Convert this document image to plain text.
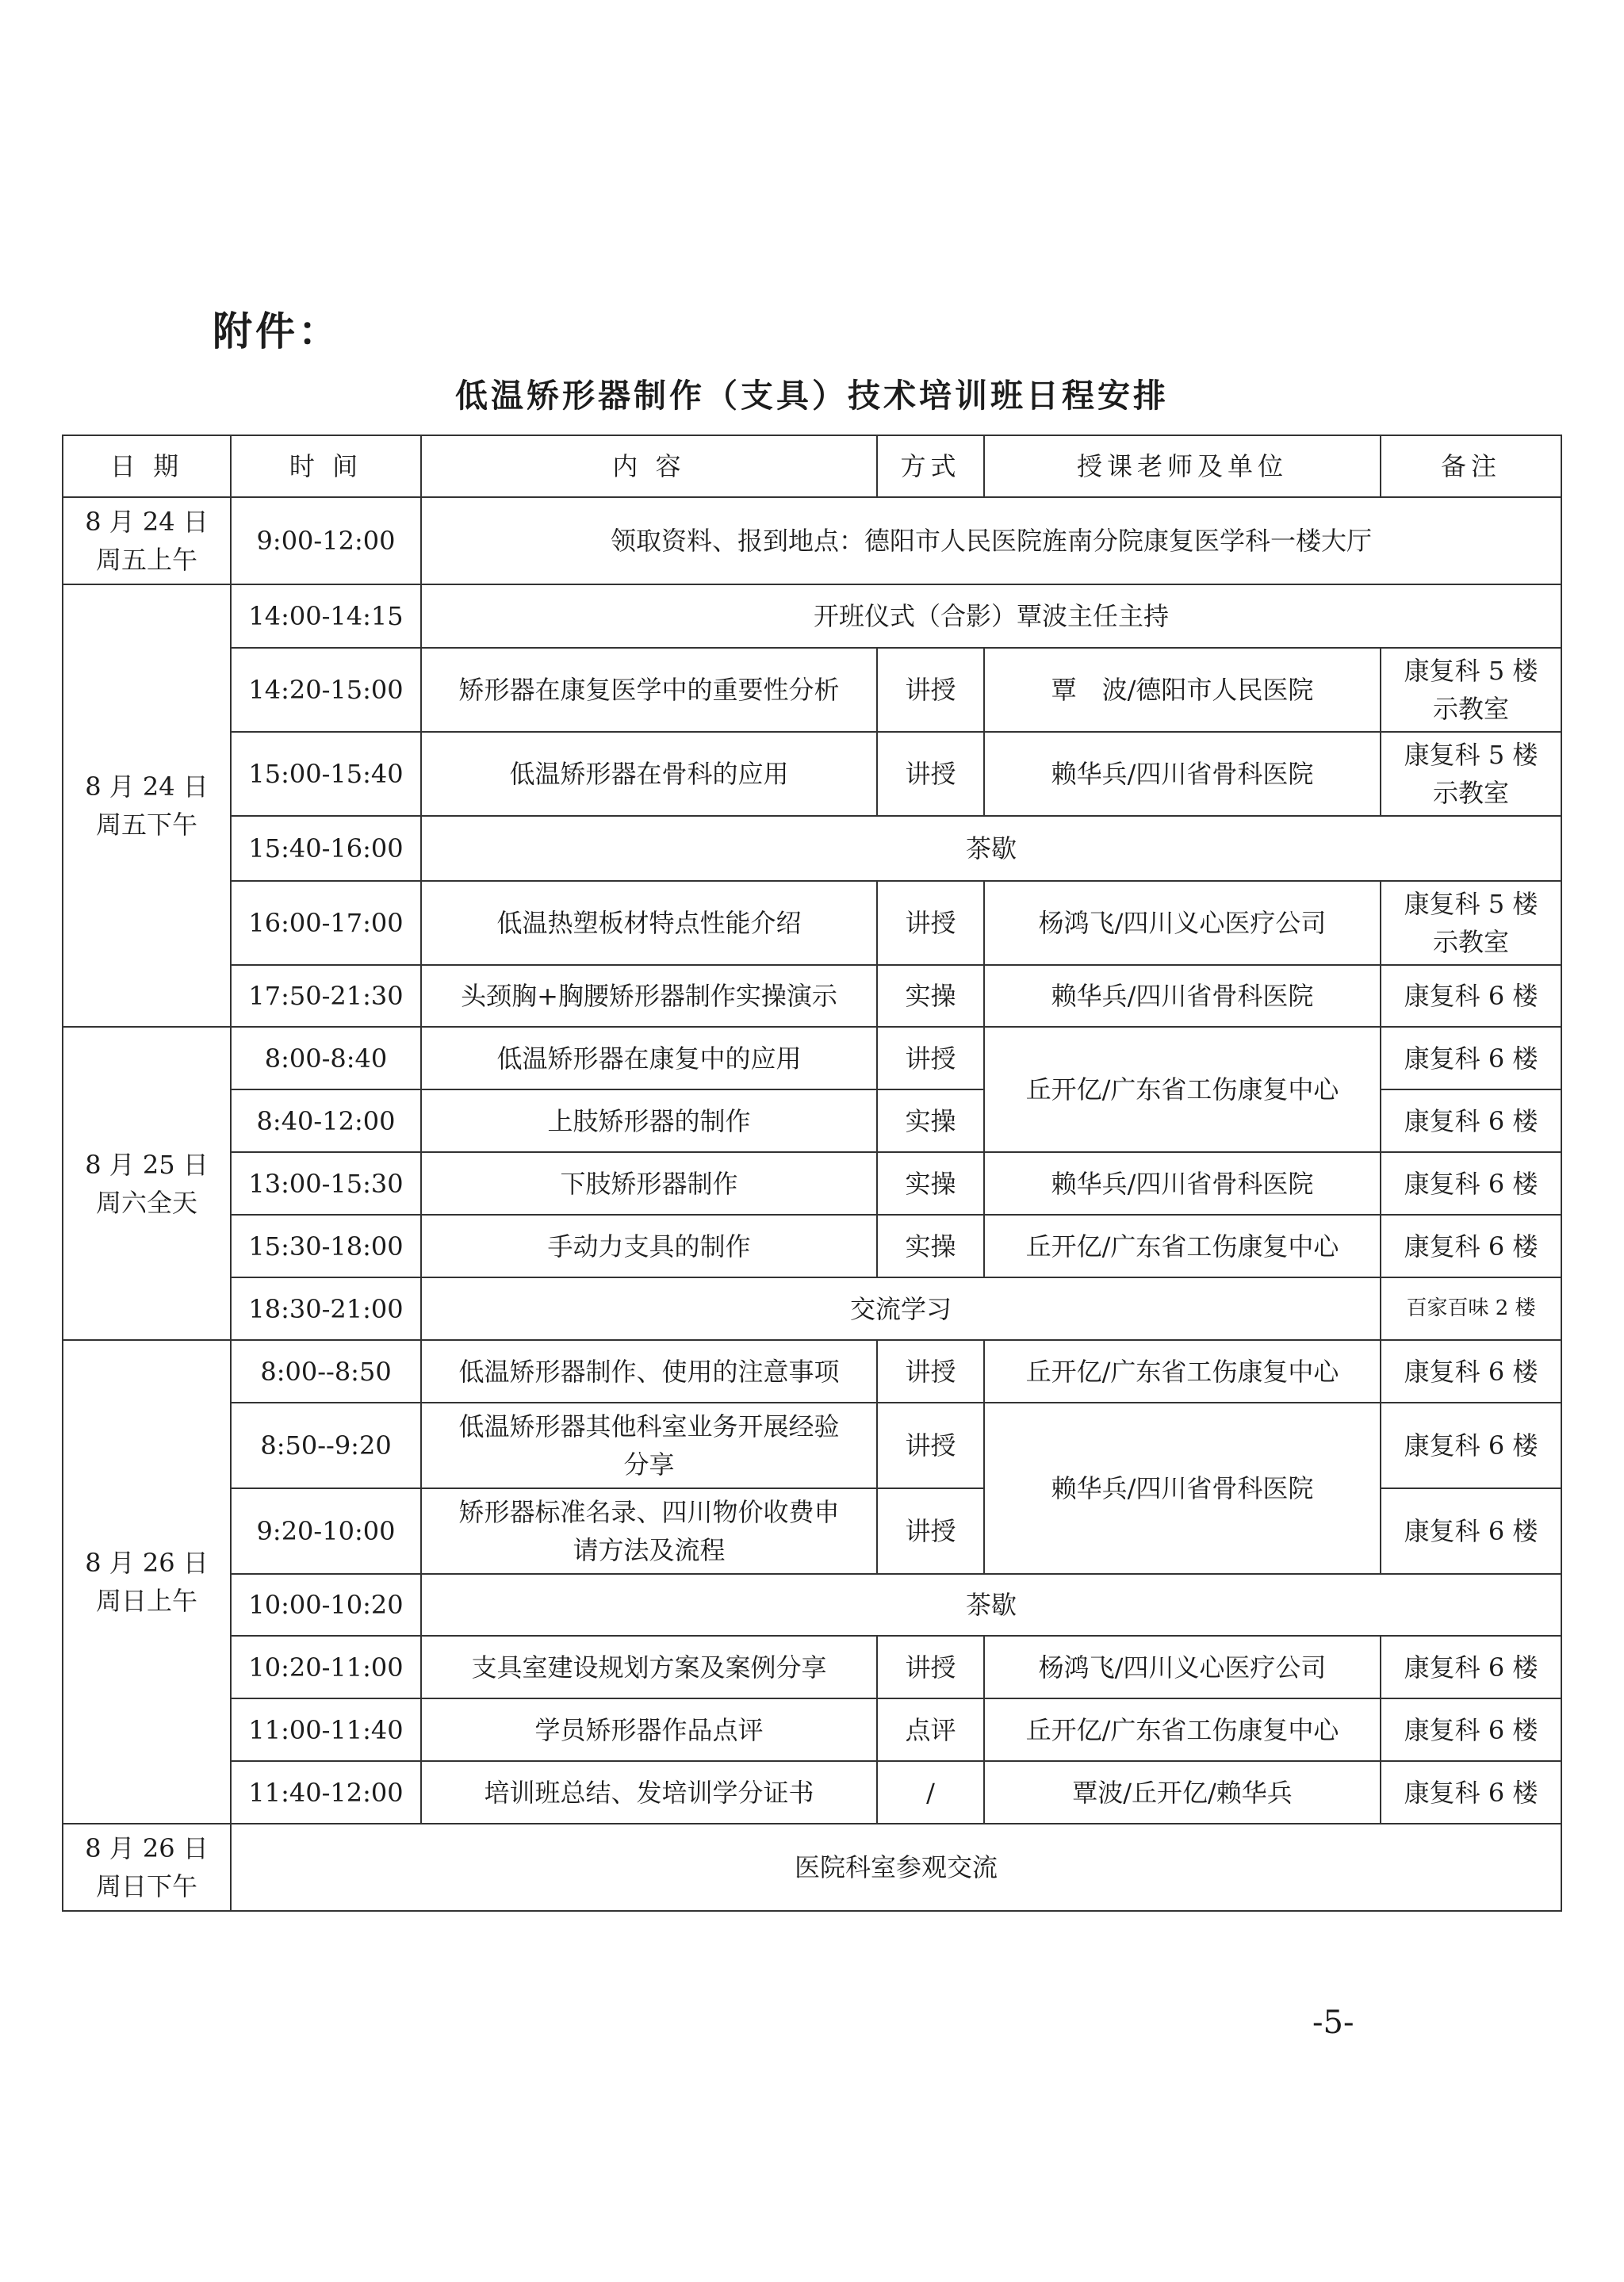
附件：
低温矫形器制作（支具）技术培训班日程安排
日 期	时 间	内 容	方式	授课老师及单位	备注
8 月 24 日
周五上午	9:00-12:00	领取资料、报到地点：德阳市人民医院旌南分院康复医学科一楼大厅			
8 月 24 日
周五下午	14:00-14:15	开班仪式（合影）覃波主任主持			
	14:20-15:00	矫形器在康复医学中的重要性分析	讲授	覃　波/德阳市人民医院	康复科 5 楼
示教室
	15:00-15:40	低温矫形器在骨科的应用	讲授	赖华兵/四川省骨科医院	康复科 5 楼
示教室
	15:40-16:00	茶歇			
	16:00-17:00	低温热塑板材特点性能介绍	讲授	杨鸿飞/四川义心医疗公司	康复科 5 楼
示教室
	17:50-21:30	头颈胸+胸腰矫形器制作实操演示	实操	赖华兵/四川省骨科医院	康复科 6 楼
8 月 25 日
周六全天	8:00-8:40	低温矫形器在康复中的应用	讲授	丘开亿/广东省工伤康复中心	康复科 6 楼
	8:40-12:00	上肢矫形器的制作	实操		康复科 6 楼
	13:00-15:30	下肢矫形器制作	实操	赖华兵/四川省骨科医院	康复科 6 楼
	15:30-18:00	手动力支具的制作	实操	丘开亿/广东省工伤康复中心	康复科 6 楼
	18:30-21:00	交流学习			百家百味 2 楼
8 月 26 日
周日上午	8:00--8:50	低温矫形器制作、使用的注意事项	讲授	丘开亿/广东省工伤康复中心	康复科 6 楼
	8:50--9:20	低温矫形器其他科室业务开展经验
分享	讲授	赖华兵/四川省骨科医院	康复科 6 楼
	9:20-10:00	矫形器标准名录、四川物价收费申
请方法及流程	讲授		康复科 6 楼
	10:00-10:20	茶歇			
	10:20-11:00	支具室建设规划方案及案例分享	讲授	杨鸿飞/四川义心医疗公司	康复科 6 楼
	11:00-11:40	学员矫形器作品点评	点评	丘开亿/广东省工伤康复中心	康复科 6 楼
	11:40-12:00	培训班总结、发培训学分证书	/	覃波/丘开亿/赖华兵	康复科 6 楼
8 月 26 日
周日下午	医院科室参观交流				
-5-
